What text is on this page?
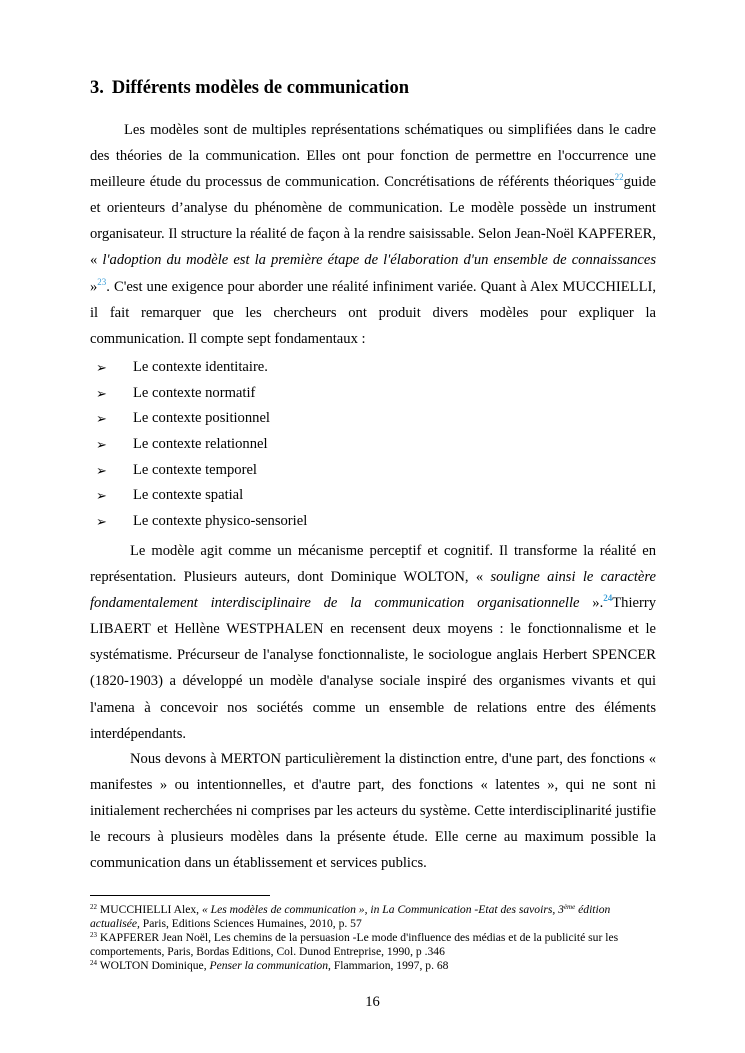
3. Différents modèles de communication

Les modèles sont de multiples représentations schématiques ou simplifiées dans le cadre des théories de la communication. Elles ont pour fonction de permettre en l'occurrence une meilleure étude du processus de communication. Concrétisations de référents théoriques$^{22}$guide et orienteurs d’analyse du phénomène de communication. Le modèle possède un instrument organisateur. Il structure la réalité de façon à la rendre saisissable. Selon Jean-Noël KAPFERER, « l'adoption du modèle est la première étape de l'élaboration d'un ensemble de connaissances »$^{23}$. C'est une exigence pour aborder une réalité infiniment variée. Quant à Alex MUCCHIELLI, il fait remarquer que les chercheurs ont produit divers modèles pour expliquer la communication. Il compte sept fondamentaux :

➢ Le contexte identitaire.
➢ Le contexte normatif
➢ Le contexte positionnel
➢ Le contexte relationnel
➢ Le contexte temporel
➢ Le contexte spatial
➢ Le contexte physico-sensoriel

Le modèle agit comme un mécanisme perceptif et cognitif. Il transforme la réalité en représentation. Plusieurs auteurs, dont Dominique WOLTON, « souligne ainsi le caractère fondamentalement interdisciplinaire de la communication organisationnelle ».$^{24}$Thierry LIBAERT et Hellène WESTPHALEN en recensent deux moyens : le fonctionnalisme et le systématisme. Précurseur de l'analyse fonctionnaliste, le sociologue anglais Herbert SPENCER (1820-1903) a développé un modèle d'analyse sociale inspiré des organismes vivants et qui l'amena à concevoir nos sociétés comme un ensemble de relations entre des éléments interdépendants.

Nous devons à MERTON particulièrement la distinction entre, d'une part, des fonctions « manifestes » ou intentionnelles, et d'autre part, des fonctions « latentes », qui ne sont ni initialement recherchées ni comprises par les acteurs du système. Cette interdisciplinarité justifie le recours à plusieurs modèles dans la présente étude. Elle cerne au maximum possible la communication dans un établissement et services publics.

$^{22}$ MUCCHIELLI Alex, « Les modèles de communication », in La Communication -Etat des savoirs, 3ème édition actualisée, Paris, Editions Sciences Humaines, 2010, p. 57

$^{23}$ KAPFERER Jean Noël, Les chemins de la persuasion -Le mode d'influence des médias et de la publicité sur les comportements, Paris, Bordas Editions, Col. Dunod Entreprise, 1990, p .346

$^{24}$ WOLTON Dominique, Penser la communication, Flammarion, 1997, p. 68

16
